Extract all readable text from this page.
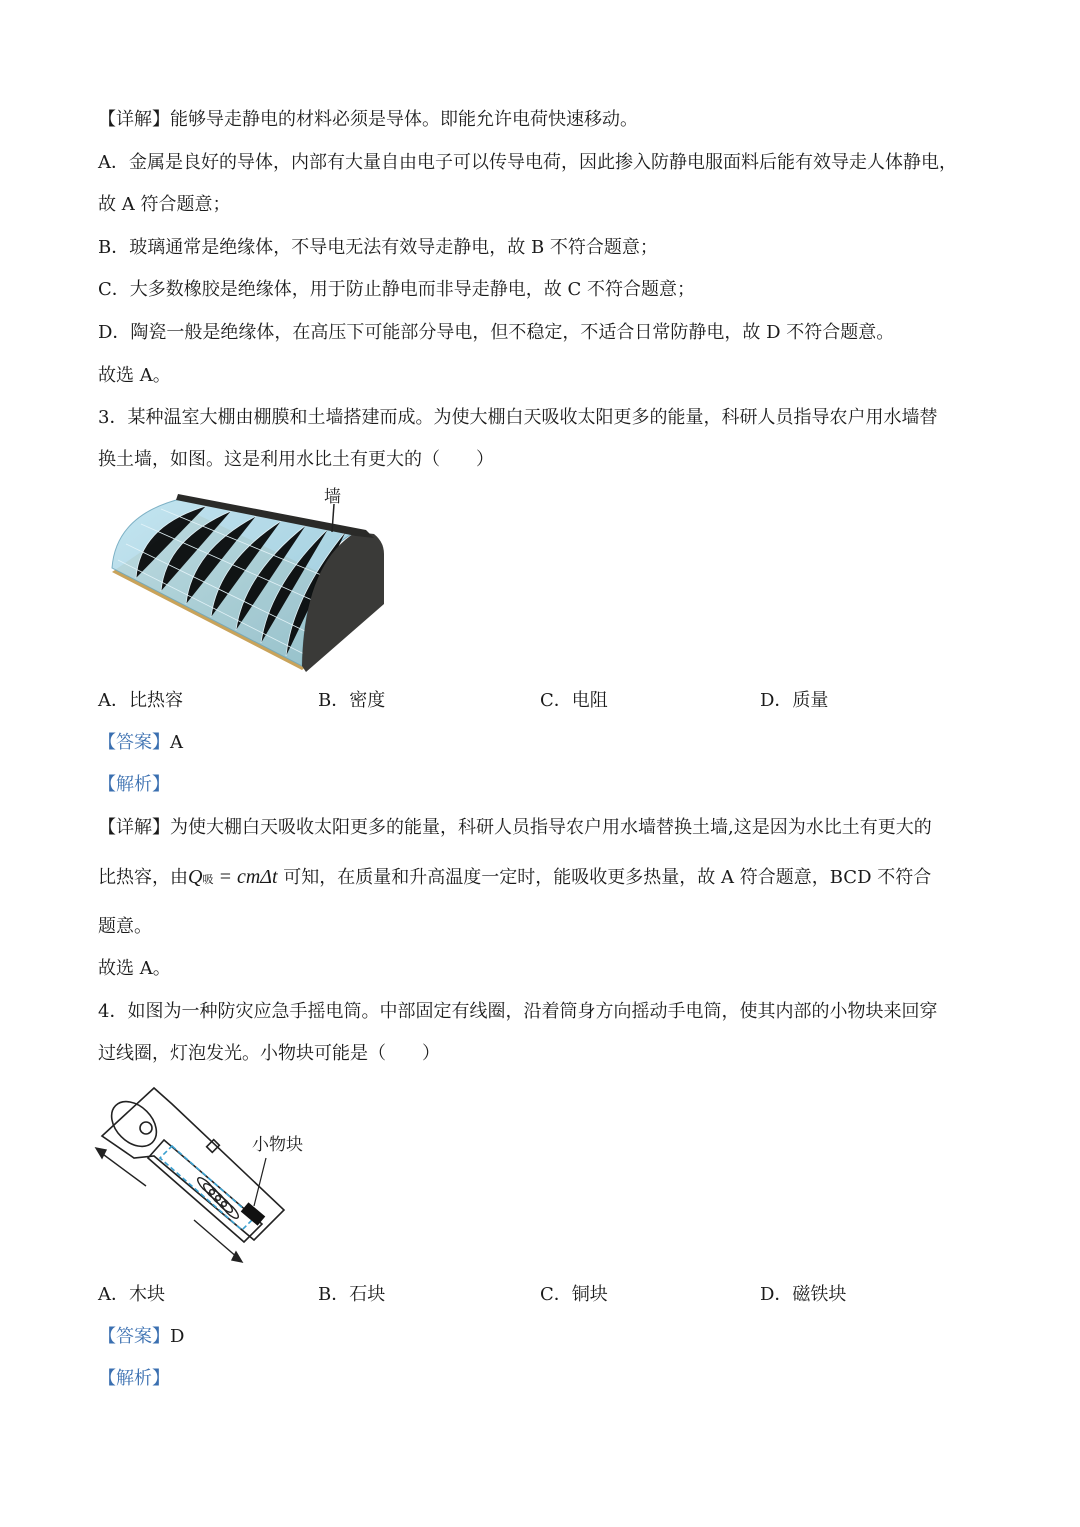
【详解】能够导走静电的材料必须是导体。即能允许电荷快速移动。
A．金属是良好的导体，内部有大量自由电子可以传导电荷，因此掺入防静电服面料后能有效导走人体静电，
故 A 符合题意；
B．玻璃通常是绝缘体，不导电无法有效导走静电，故 B 不符合题意；
C．大多数橡胶是绝缘体，用于防止静电而非导走静电，故 C 不符合题意；
D．陶瓷一般是绝缘体，在高压下可能部分导电，但不稳定，不适合日常防静电，故 D 不符合题意。
故选 A。
3．某种温室大棚由棚膜和土墙搭建而成。为使大棚白天吸收太阳更多的能量，科研人员指导农户用水墙替
换土墙，如图。这是利用水比土有更大的（　　）
墙
A．比热容	B．密度	C．电阻	D．质量
【答案】A
【解析】
【详解】为使大棚白天吸收太阳更多的能量，科研人员指导农户用水墙替换土墙,这是因为水比土有更大的
比热容，由Q吸 = cmΔt 可知，在质量和升高温度一定时，能吸收更多热量，故 A 符合题意，BCD 不符合
题意。
故选 A。
4．如图为一种防灾应急手摇电筒。中部固定有线圈，沿着筒身方向摇动手电筒，使其内部的小物块来回穿
过线圈，灯泡发光。小物块可能是（　　）
小物块
A．木块	B．石块	C．铜块	D．磁铁块
【答案】D
【解析】
